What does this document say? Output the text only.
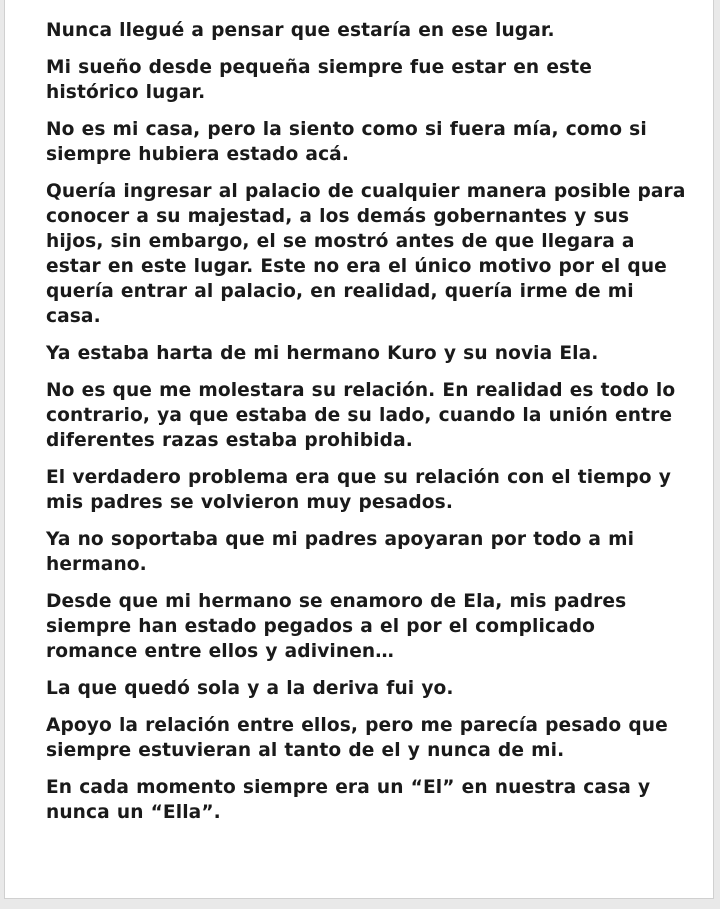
Nunca llegué a pensar que estaría en ese lugar.

Mi sueño desde pequeña siempre fue estar en este histórico lugar.

No es mi casa, pero la siento como si fuera mía, como si siempre hubiera estado acá.

Quería ingresar al palacio de cualquier manera posible para conocer a su majestad, a los demás gobernantes y sus hijos, sin embargo, el se mostró antes de que llegara a estar en este lugar. Este no era el único motivo por el que quería entrar al palacio, en realidad, quería irme de mi casa.

Ya estaba harta de mi hermano Kuro y su novia Ela.

No es que me molestara su relación. En realidad es todo lo contrario, ya que estaba de su lado, cuando la unión entre diferentes razas estaba prohibida.

El verdadero problema era que su relación con el tiempo y mis padres se volvieron muy pesados.

Ya no soportaba que mi padres apoyaran por todo a mi hermano.

Desde que mi hermano se enamoro de Ela, mis padres siempre han estado pegados a el por el complicado romance entre ellos y adivinen…

La que quedó sola y a la deriva fui yo.

Apoyo la relación entre ellos, pero me parecía pesado que siempre estuvieran al tanto de el y nunca de mi.

En cada momento siempre era un “El” en nuestra casa y nunca un “Ella”.
